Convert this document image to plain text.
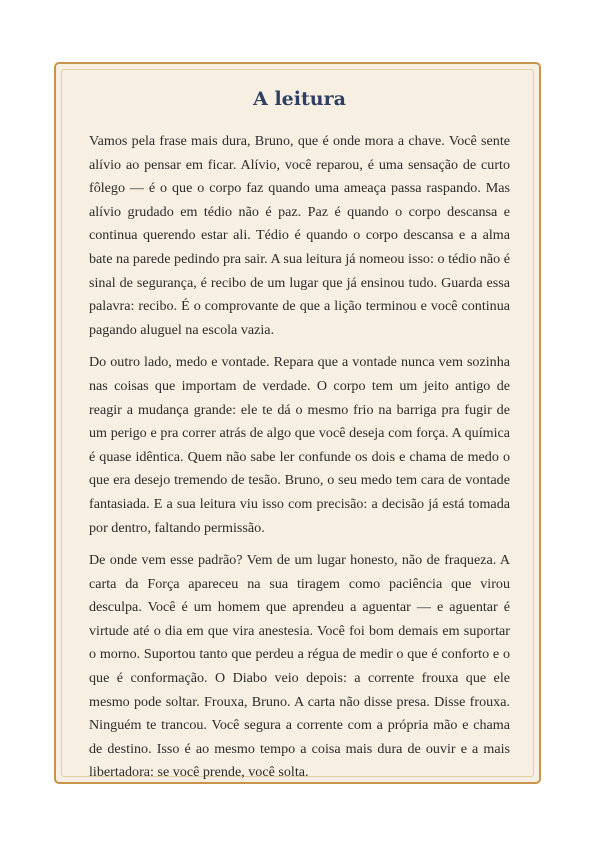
A leitura

Vamos pela frase mais dura, Bruno, que é onde mora a chave. Você sente alívio ao pensar em ficar. Alívio, você reparou, é uma sensação de curto fôlego — é o que o corpo faz quando uma ameaça passa raspando. Mas alívio grudado em tédio não é paz. Paz é quando o corpo descansa e continua querendo estar ali. Tédio é quando o corpo descansa e a alma bate na parede pedindo pra sair. A sua leitura já nomeou isso: o tédio não é sinal de segurança, é recibo de um lugar que já ensinou tudo. Guarda essa palavra: recibo. É o comprovante de que a lição terminou e você continua pagando aluguel na escola vazia.

Do outro lado, medo e vontade. Repara que a vontade nunca vem sozinha nas coisas que importam de verdade. O corpo tem um jeito antigo de reagir a mudança grande: ele te dá o mesmo frio na barriga pra fugir de um perigo e pra correr atrás de algo que você deseja com força. A química é quase idêntica. Quem não sabe ler confunde os dois e chama de medo o que era desejo tremendo de tesão. Bruno, o seu medo tem cara de vontade fantasiada. E a sua leitura viu isso com precisão: a decisão já está tomada por dentro, faltando permissão.

De onde vem esse padrão? Vem de um lugar honesto, não de fraqueza. A carta da Força apareceu na sua tiragem como paciência que virou desculpa. Você é um homem que aprendeu a aguentar — e aguentar é virtude até o dia em que vira anestesia. Você foi bom demais em suportar o morno. Suportou tanto que perdeu a régua de medir o que é conforto e o que é conformação. O Diabo veio depois: a corrente frouxa que ele mesmo pode soltar. Frouxa, Bruno. A carta não disse presa. Disse frouxa. Ninguém te trancou. Você segura a corrente com a própria mão e chama de destino. Isso é ao mesmo tempo a coisa mais dura de ouvir e a mais libertadora: se você prende, você solta.
